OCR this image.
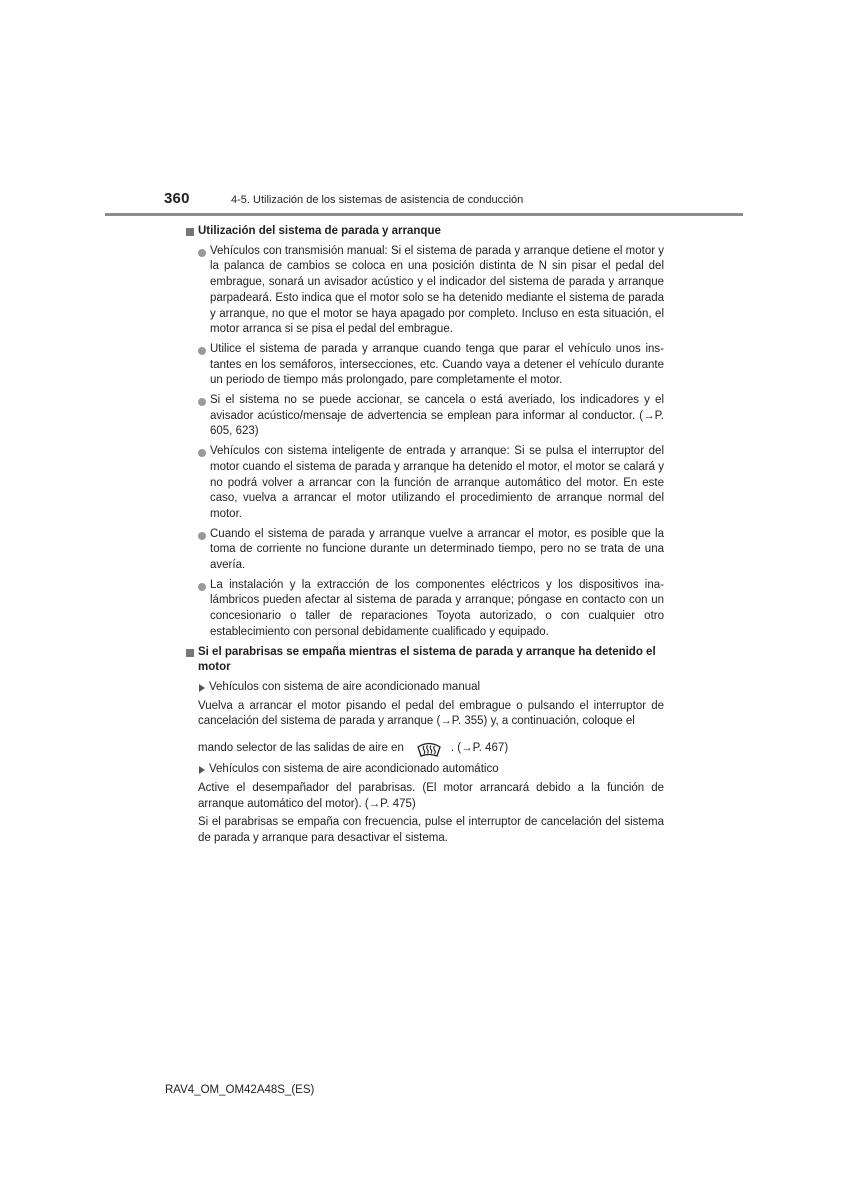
360	4-5. Utilización de los sistemas de asistencia de conducción
Utilización del sistema de parada y arranque
Vehículos con transmisión manual: Si el sistema de parada y arranque detiene el motor y la palanca de cambios se coloca en una posición distinta de N sin pisar el pedal del embrague, sonará un avisador acústico y el indicador del sistema de parada y arranque parpadeará. Esto indica que el motor solo se ha detenido mediante el sistema de parada y arranque, no que el motor se haya apagado por completo. Incluso en esta situación, el motor arranca si se pisa el pedal del embrague.
Utilice el sistema de parada y arranque cuando tenga que parar el vehículo unos instantes en los semáforos, intersecciones, etc. Cuando vaya a detener el vehículo durante un periodo de tiempo más prolongado, pare completamente el motor.
Si el sistema no se puede accionar, se cancela o está averiado, los indicadores y el avisador acústico/mensaje de advertencia se emplean para informar al conductor. (→P. 605, 623)
Vehículos con sistema inteligente de entrada y arranque: Si se pulsa el interruptor del motor cuando el sistema de parada y arranque ha detenido el motor, el motor se calará y no podrá volver a arrancar con la función de arranque automático del motor. En este caso, vuelva a arrancar el motor utilizando el procedimiento de arranque normal del motor.
Cuando el sistema de parada y arranque vuelve a arrancar el motor, es posible que la toma de corriente no funcione durante un determinado tiempo, pero no se trata de una avería.
La instalación y la extracción de los componentes eléctricos y los dispositivos inalámbricos pueden afectar al sistema de parada y arranque; póngase en contacto con un concesionario o taller de reparaciones Toyota autorizado, o con cualquier otro establecimiento con personal debidamente cualificado y equipado.
Si el parabrisas se empaña mientras el sistema de parada y arranque ha detenido el motor
Vehículos con sistema de aire acondicionado manual
Vuelva a arrancar el motor pisando el pedal del embrague o pulsando el interruptor de cancelación del sistema de parada y arranque (→P. 355) y, a continuación, coloque el
mando selector de las salidas de aire en	. (→P. 467)
Vehículos con sistema de aire acondicionado automático
Active el desempañador del parabrisas. (El motor arrancará debido a la función de arranque automático del motor). (→P. 475)
Si el parabrisas se empaña con frecuencia, pulse el interruptor de cancelación del sistema de parada y arranque para desactivar el sistema.
RAV4_OM_OM42A48S_(ES)
